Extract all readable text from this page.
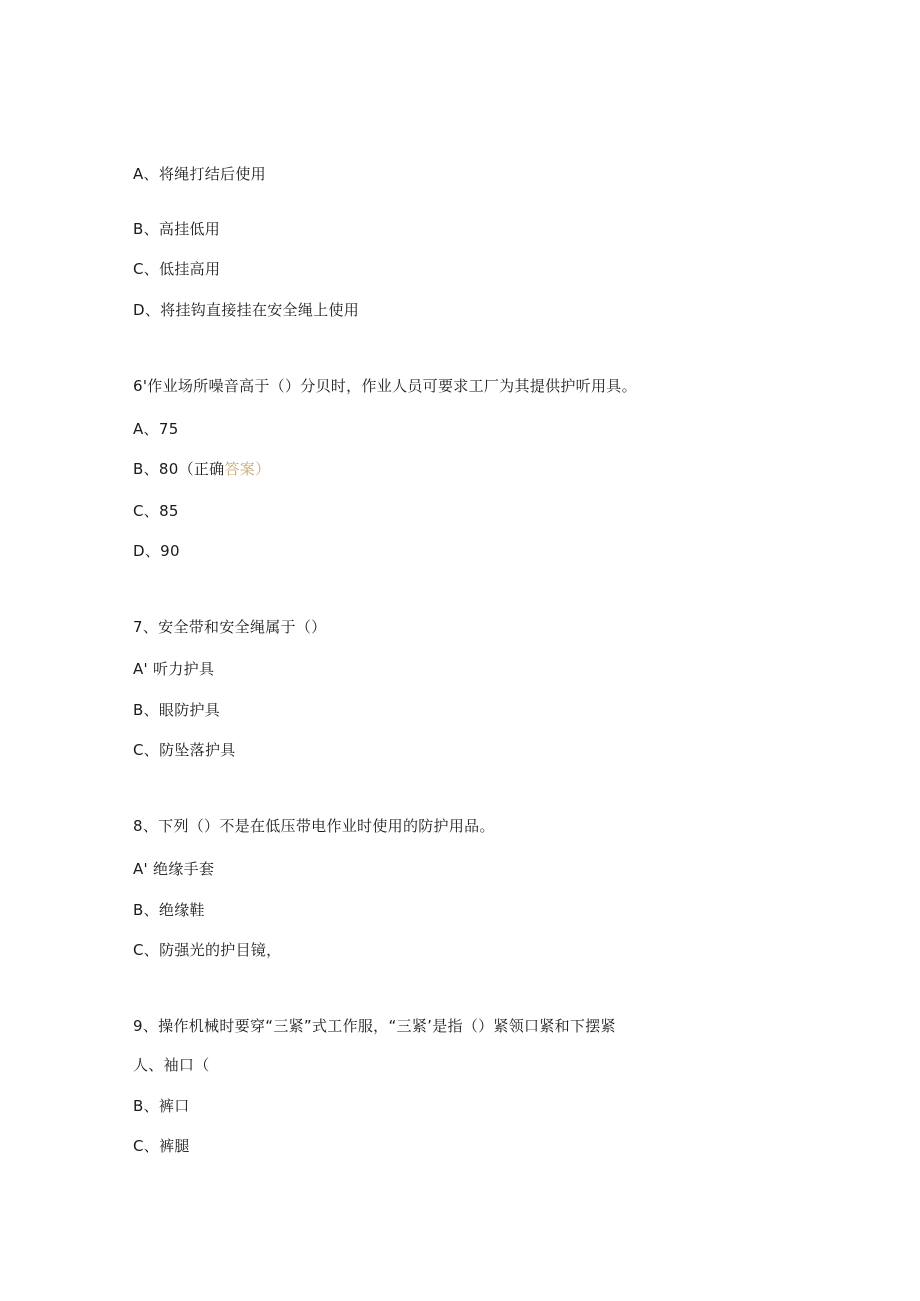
A、将绳打结后使用
B、高挂低用
C、低挂高用
D、将挂钩直接挂在安全绳上使用
6'作业场所噪音高于（）分贝时，作业人员可要求工厂为其提供护听用具。
A、75
B、80（正确答案）
C、85
D、90
7、安全带和安全绳属于（）
A' 听力护具
B、眼防护具
C、防坠落护具
8、下列（）不是在低压带电作业时使用的防护用品。
A' 绝缘手套
B、绝缘鞋
C、防强光的护目镜，
9、操作机械时要穿“三紧”式工作服，“三紧’是指（）紧领口紧和下摆紧
人、袖口（
B、裤口
C、裤腿
